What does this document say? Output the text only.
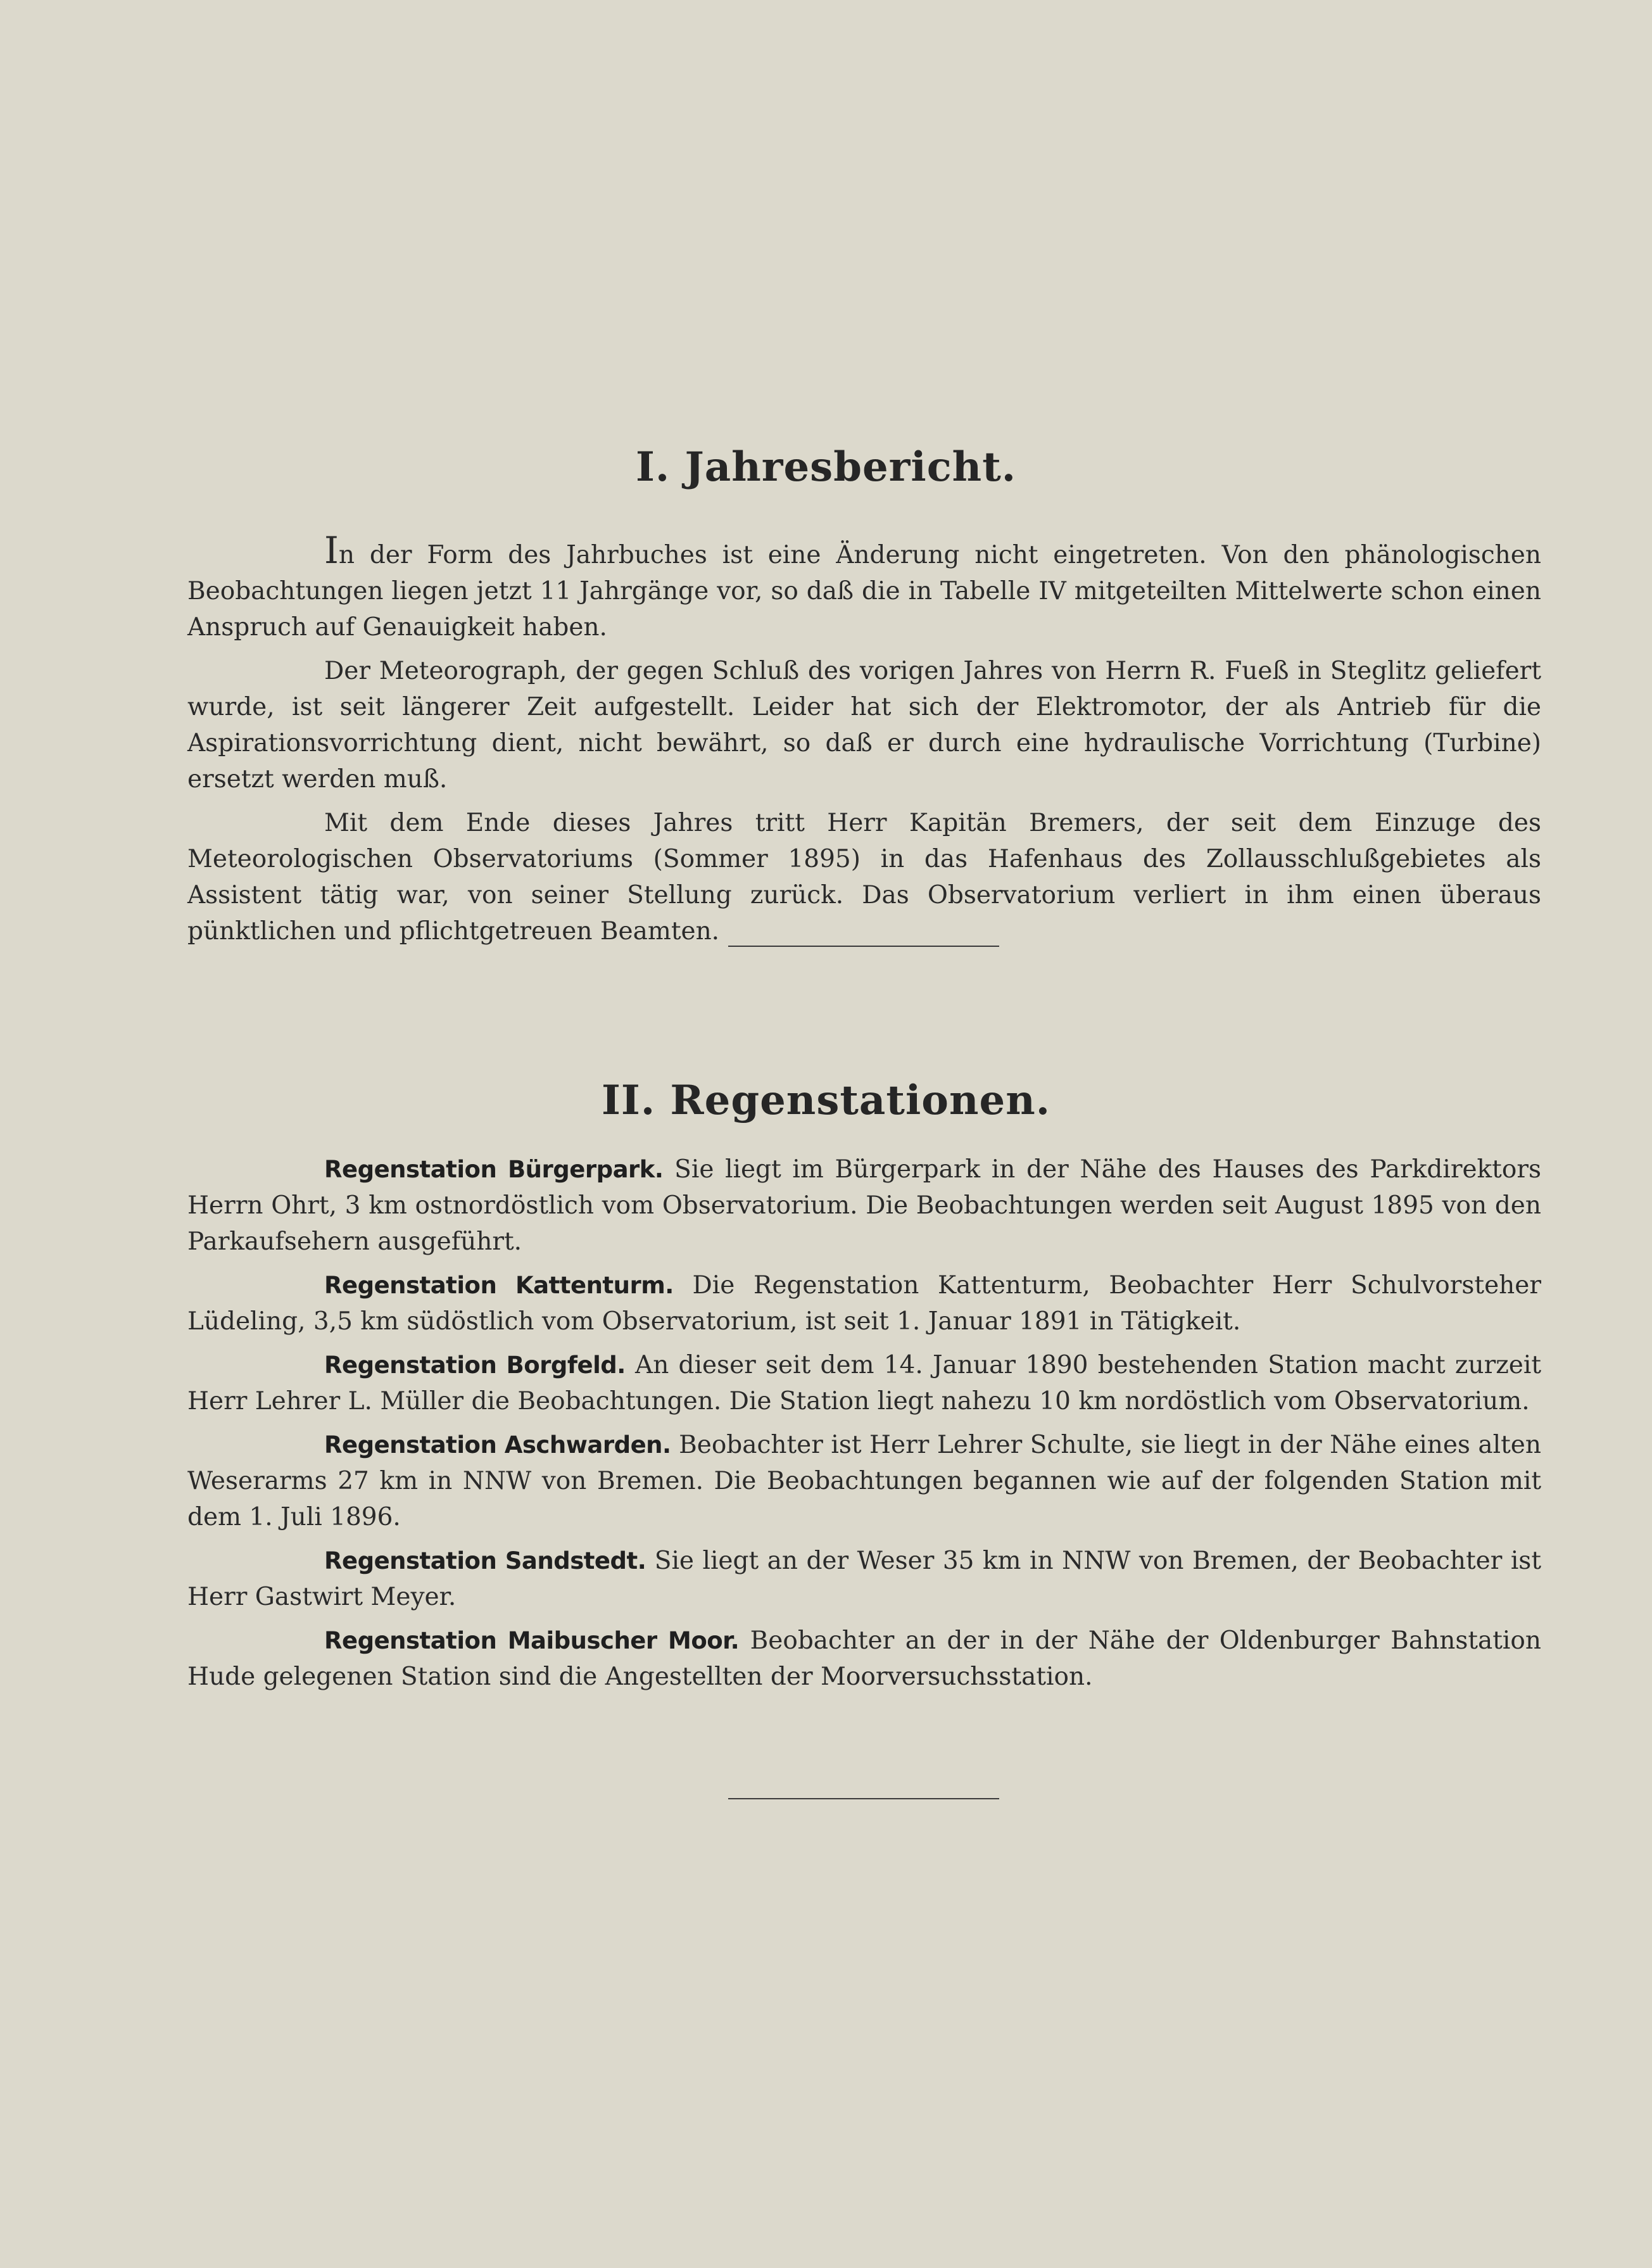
I. Jahresbericht.

In der Form des Jahrbuches ist eine Änderung nicht eingetreten. Von den phänologischen Beobachtungen liegen jetzt 11 Jahrgänge vor, so daß die in Tabelle IV mitgeteilten Mittelwerte schon einen Anspruch auf Genauigkeit haben.

Der Meteorograph, der gegen Schluß des vorigen Jahres von Herrn R. Fueß in Steglitz geliefert wurde, ist seit längerer Zeit aufgestellt. Leider hat sich der Elektromotor, der als Antrieb für die Aspirationsvorrichtung dient, nicht bewährt, so daß er durch eine hydraulische Vorrichtung (Turbine) ersetzt werden muß.

Mit dem Ende dieses Jahres tritt Herr Kapitän Bremers, der seit dem Einzuge des Meteorologischen Observatoriums (Sommer 1895) in das Hafenhaus des Zollausschlußgebietes als Assistent tätig war, von seiner Stellung zurück. Das Observatorium verliert in ihm einen überaus pünktlichen und pflichtgetreuen Beamten.

II. Regenstationen.

Regenstation Bürgerpark. Sie liegt im Bürgerpark in der Nähe des Hauses des Parkdirektors Herrn Ohrt, 3 km ostnordöstlich vom Observatorium. Die Beobachtungen werden seit August 1895 von den Parkaufsehern ausgeführt.

Regenstation Kattenturm. Die Regenstation Kattenturm, Beobachter Herr Schulvorsteher Lüdeling, 3,5 km südöstlich vom Observatorium, ist seit 1. Januar 1891 in Tätigkeit.

Regenstation Borgfeld. An dieser seit dem 14. Januar 1890 bestehenden Station macht zurzeit Herr Lehrer L. Müller die Beobachtungen. Die Station liegt nahezu 10 km nordöstlich vom Observatorium.

Regenstation Aschwarden. Beobachter ist Herr Lehrer Schulte, sie liegt in der Nähe eines alten Weserarms 27 km in NNW von Bremen. Die Beobachtungen begannen wie auf der folgenden Station mit dem 1. Juli 1896.

Regenstation Sandstedt. Sie liegt an der Weser 35 km in NNW von Bremen, der Beobachter ist Herr Gastwirt Meyer.

Regenstation Maibuscher Moor. Beobachter an der in der Nähe der Oldenburger Bahnstation Hude gelegenen Station sind die Angestellten der Moorversuchsstation.
